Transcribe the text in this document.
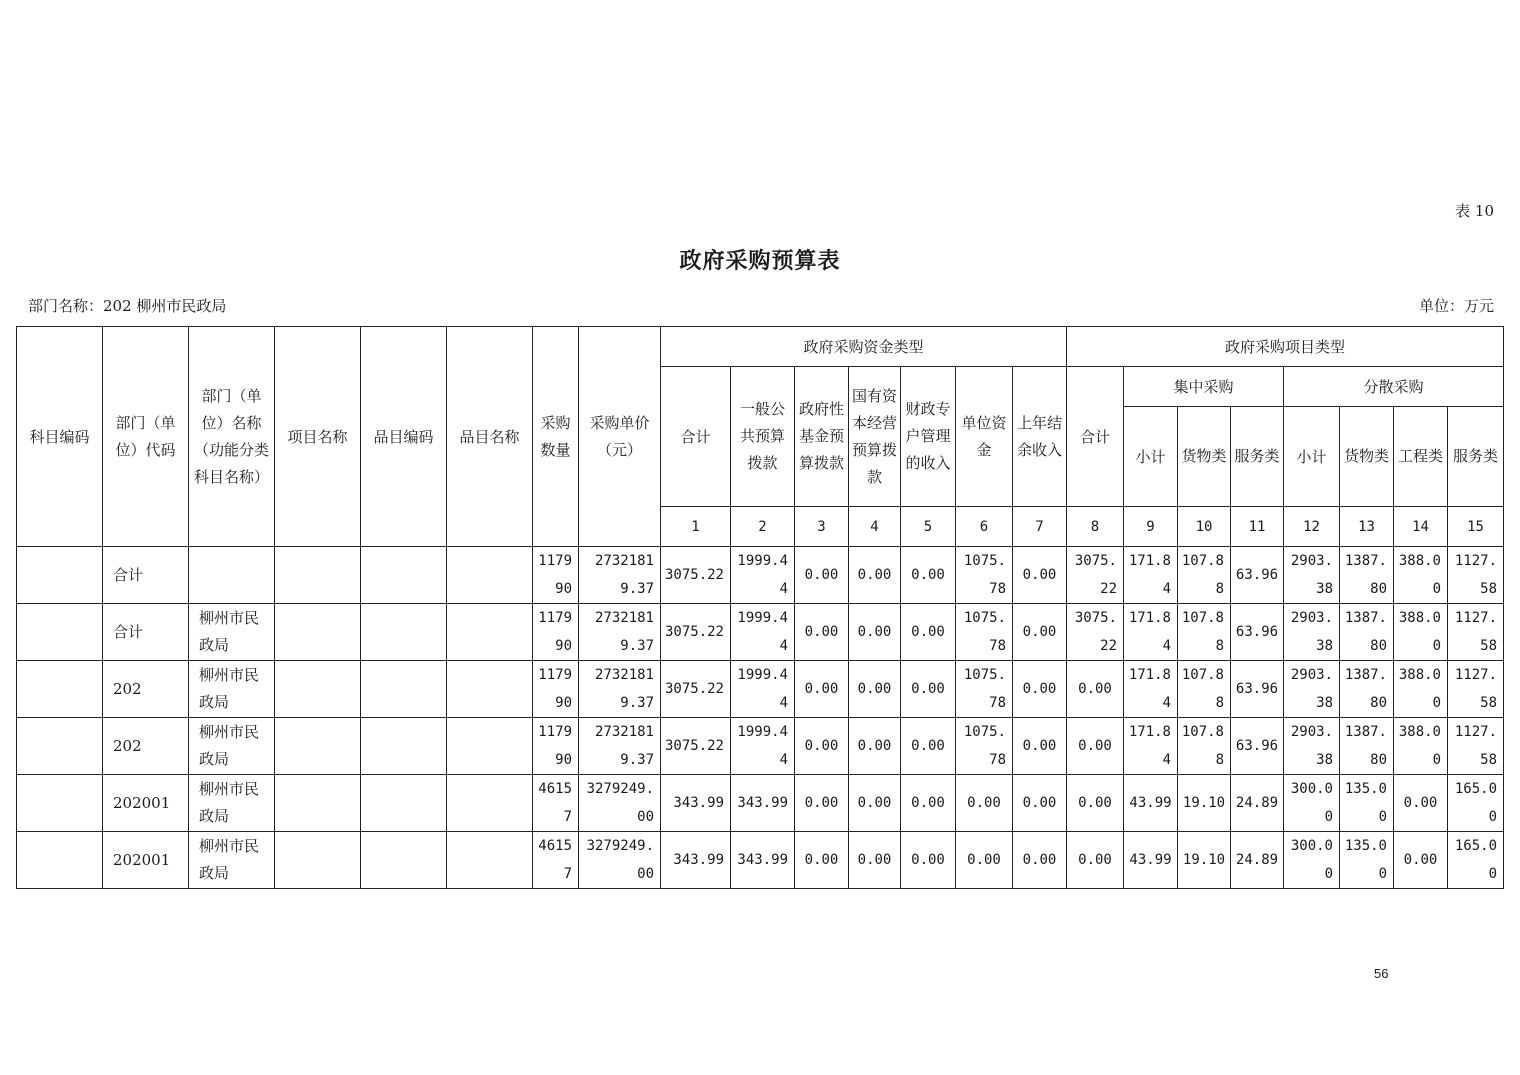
表 10
政府采购预算表
部门名称：202 柳州市民政局	单位：万元
科目编码	部门（单位）代码	部门（单位）名称（功能分类科目名称）	项目名称	品目编码	品目名称	采购数量	采购单价（元）	政府采购资金类型							政府采购项目类型							
								合计	一般公共预算拨款	政府性基金预算拨款	国有资本经营预算拨款	财政专户管理的收入	单位资金	上年结余收入	合计	集中采购			分散采购			
																小计	货物类	服务类	小计	货物类	工程类	服务类
								1	2	3	4	5	6	7	8	9	10	11	12	13	14	15
	合计					117990	27321819.37	3075.22	1999.44	0.00	0.00	0.00	1075.78	0.00	3075.22	171.84	107.88	63.96	2903.38	1387.80	388.00	1127.58
	合计	柳州市民政局				117990	27321819.37	3075.22	1999.44	0.00	0.00	0.00	1075.78	0.00	3075.22	171.84	107.88	63.96	2903.38	1387.80	388.00	1127.58
	202	柳州市民政局				117990	27321819.37	3075.22	1999.44	0.00	0.00	0.00	1075.78	0.00	0.00	171.84	107.88	63.96	2903.38	1387.80	388.00	1127.58
	202	柳州市民政局				117990	27321819.37	3075.22	1999.44	0.00	0.00	0.00	1075.78	0.00	0.00	171.84	107.88	63.96	2903.38	1387.80	388.00	1127.58
	202001	柳州市民政局				46157	3279249.00	343.99	343.99	0.00	0.00	0.00	0.00	0.00	0.00	43.99	19.10	24.89	300.00	135.00	0.00	165.00
	202001	柳州市民政局				46157	3279249.00	343.99	343.99	0.00	0.00	0.00	0.00	0.00	0.00	43.99	19.10	24.89	300.00	135.00	0.00	165.00
56
